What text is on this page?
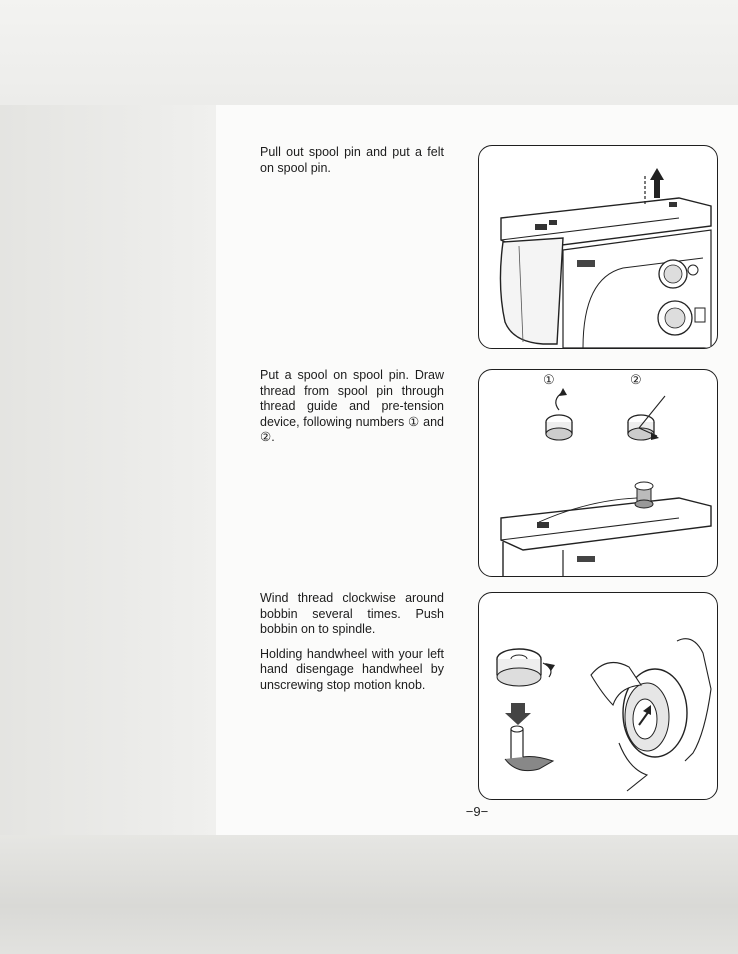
Pull out spool pin and put a felt on spool pin.

Put a spool on spool pin. Draw thread from spool pin through thread guide and pre-tension device, following numbers ① and ②.

①	②

Wind thread clockwise around bobbin several times. Push bobbin on to spindle.

Holding handwheel with your left hand disengage handwheel by unscrewing stop motion knob.

−9−
